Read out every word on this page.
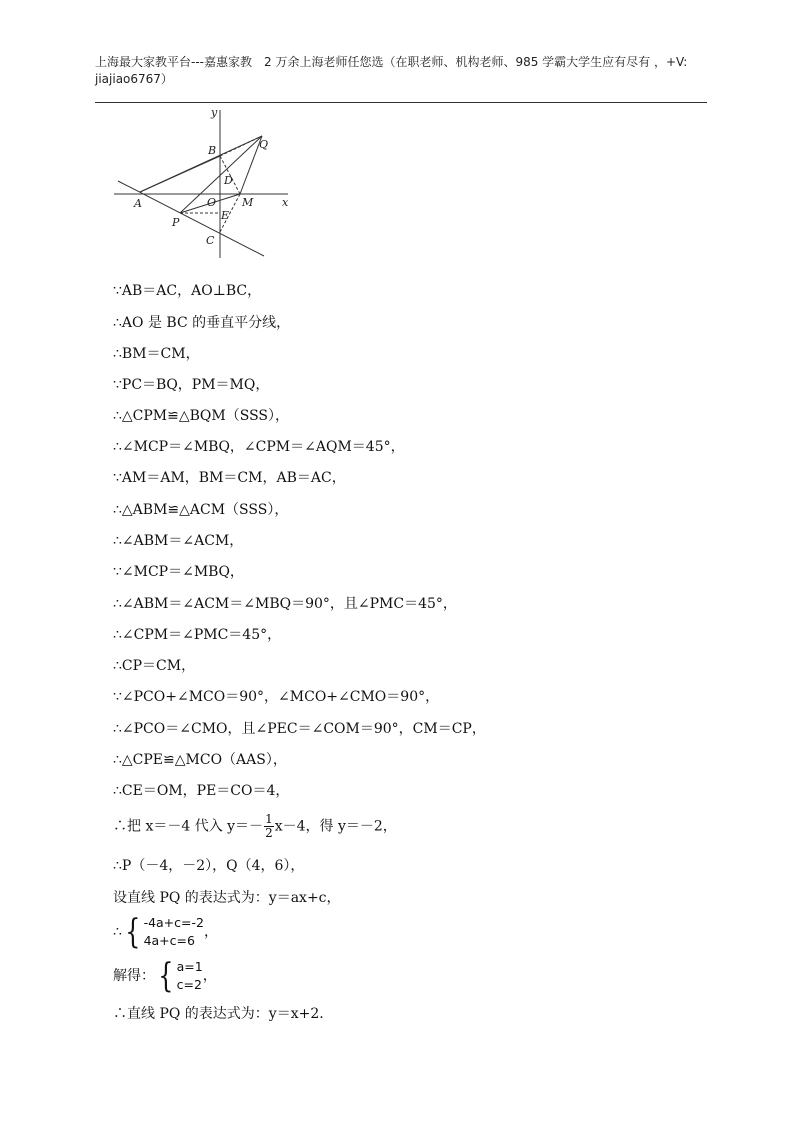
上海最大家教平台---嘉惠家教　2 万余上海老师任您选（在职老师、机构老师、985 学霸大学生应有尽有 ，+V: jiajiao6767）
y
x
A
B
C
D
E
M
O
P
Q
∵AB＝AC，AO⊥BC，
∴AO 是 BC 的垂直平分线，
∴BM＝CM，
∵PC＝BQ，PM＝MQ，
∴△CPM≌△BQM（SSS），
∴∠MCP＝∠MBQ，∠CPM＝∠AQM＝45°，
∵AM＝AM，BM＝CM，AB＝AC，
∴△ABM≌△ACM（SSS），
∴∠ABM＝∠ACM，
∵∠MCP＝∠MBQ，
∴∠ABM＝∠ACM＝∠MBQ＝90°，且∠PMC＝45°，
∴∠CPM＝∠PMC＝45°，
∴CP＝CM，
∵∠PCO+∠MCO＝90°，∠MCO+∠CMO＝90°，
∴∠PCO＝∠CMO，且∠PEC＝∠COM＝90°，CM＝CP，
∴△CPE≌△MCO（AAS），
∴CE＝OM，PE＝CO＝4，
∴把 x＝－4 代入 $y=- \frac{1}{2} x-4$，得 y＝－2，
∴P（－4，－2），Q（4，6），
设直线 PQ 的表达式为：y＝ax+c，
∴ { -4a+c=-2
4a+c=6
，
解得： { a=1
c=2
，
∴直线 PQ 的表达式为：y＝x+2.
